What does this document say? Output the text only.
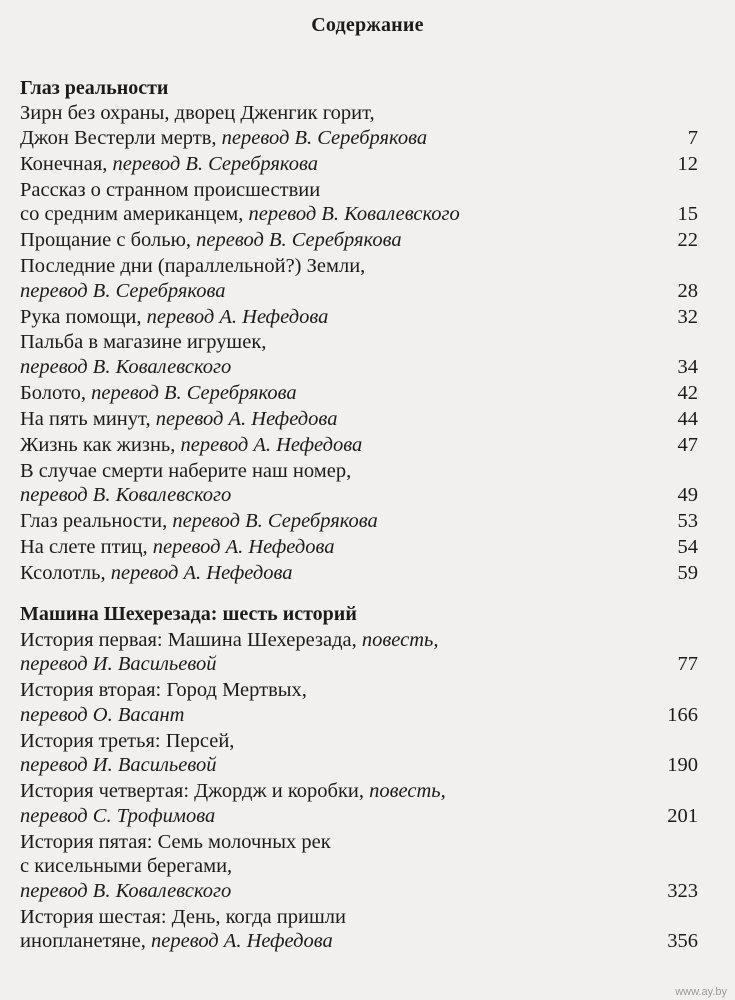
Содержание
Глаз реальности
Зирн без охраны, дворец Дженгик горит,
Джон Вестерли мертв, перевод В. Серебрякова	7
Конечная, перевод В. Серебрякова	12
Рассказ о странном происшествии
со средним американцем, перевод В. Ковалевского	15
Прощание с болью, перевод В. Серебрякова	22
Последние дни (параллельной?) Земли,
перевод В. Серебрякова	28
Рука помощи, перевод А. Нефедова	32
Пальба в магазине игрушек,
перевод В. Ковалевского	34
Болото, перевод В. Серебрякова	42
На пять минут, перевод А. Нефедова	44
Жизнь как жизнь, перевод А. Нефедова	47
В случае смерти наберите наш номер,
перевод В. Ковалевского	49
Глаз реальности, перевод В. Серебрякова	53
На слете птиц, перевод А. Нефедова	54
Ксолотль, перевод А. Нефедова	59
Машина Шехерезада: шесть историй
История первая: Машина Шехерезада, повесть,
перевод И. Васильевой	77
История вторая: Город Мертвых,
перевод О. Васант	166
История третья: Персей,
перевод И. Васильевой	190
История четвертая: Джордж и коробки, повесть,
перевод С. Трофимова	201
История пятая: Семь молочных рек
с кисельными берегами,
перевод В. Ковалевского	323
История шестая: День, когда пришли
инопланетяне, перевод А. Нефедова	356
www.ay.by
